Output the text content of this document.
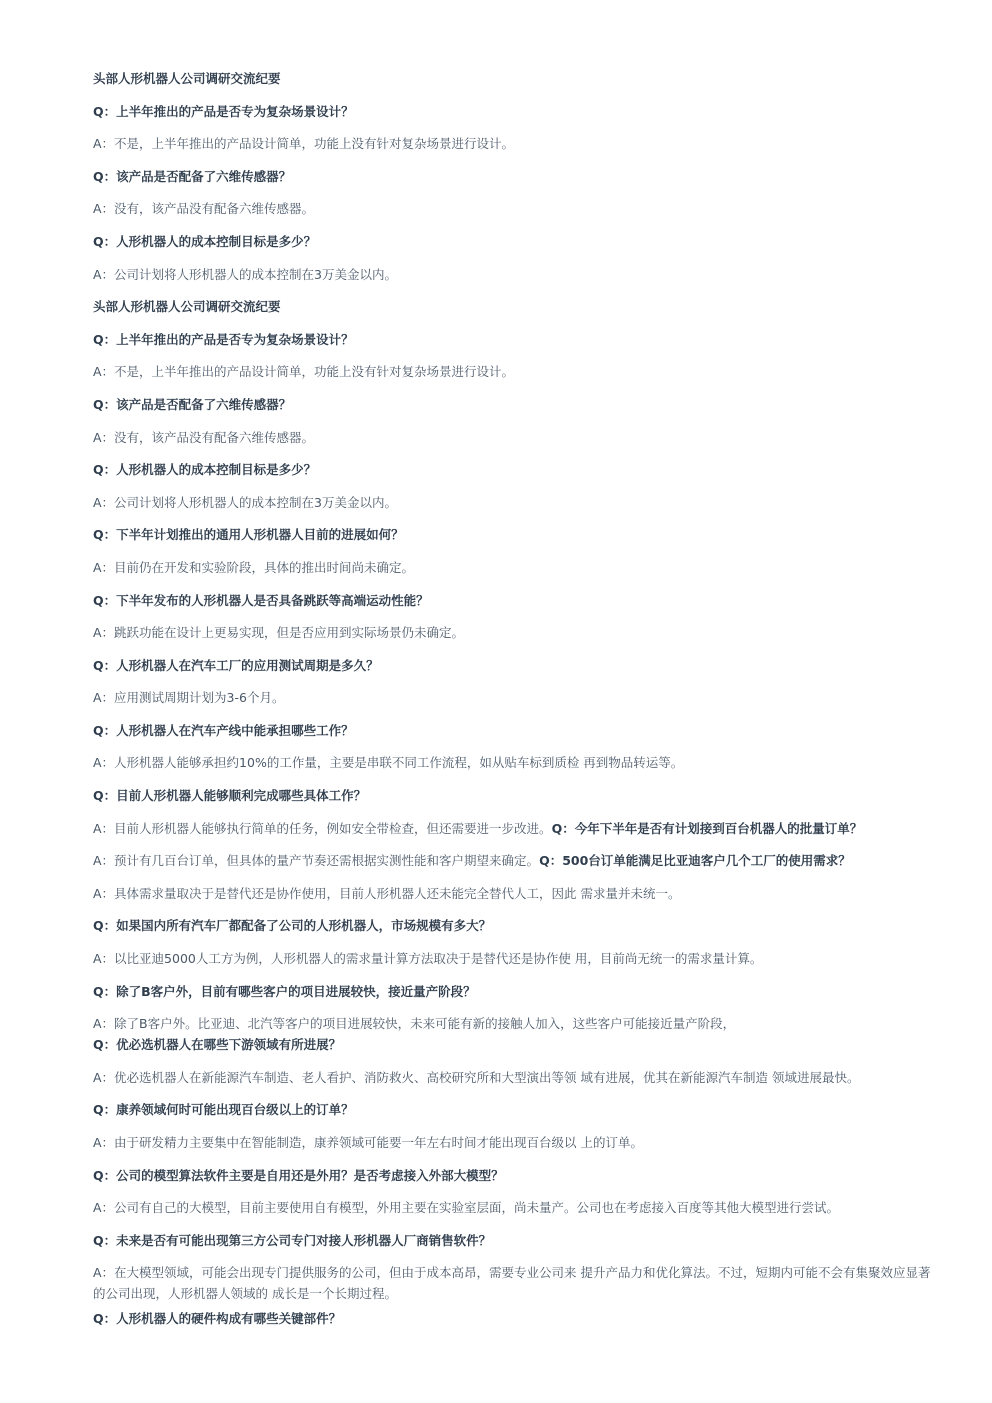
头部人形机器人公司调研交流纪要
Q：上半年推出的产品是否专为复杂场景设计？
A：不是，上半年推出的产品设计简单，功能上没有针对复杂场景进行设计。
Q：该产品是否配备了六维传感器？
A：没有，该产品没有配备六维传感器。
Q：人形机器人的成本控制目标是多少？
A：公司计划将人形机器人的成本控制在3万美金以内。
头部人形机器人公司调研交流纪要
Q：上半年推出的产品是否专为复杂场景设计？
A：不是，上半年推出的产品设计简单，功能上没有针对复杂场景进行设计。
Q：该产品是否配备了六维传感器？
A：没有，该产品没有配备六维传感器。
Q：人形机器人的成本控制目标是多少？
A：公司计划将人形机器人的成本控制在3万美金以内。
Q：下半年计划推出的通用人形机器人目前的进展如何？
A：目前仍在开发和实验阶段，具体的推出时间尚未确定。
Q：下半年发布的人形机器人是否具备跳跃等高端运动性能？
A：跳跃功能在设计上更易实现，但是否应用到实际场景仍未确定。
Q：人形机器人在汽车工厂的应用测试周期是多久？
A：应用测试周期计划为3-6个月。
Q：人形机器人在汽车产线中能承担哪些工作？
A：人形机器人能够承担约10%的工作量，主要是串联不同工作流程，如从贴车标到质检 再到物品转运等。
Q：目前人形机器人能够顺利完成哪些具体工作？
A：目前人形机器人能够执行简单的任务，例如安全带检查，但还需要进一步改进。Q：今年下半年是否有计划接到百台机器人的批量订单？
A：预计有几百台订单，但具体的量产节奏还需根据实测性能和客户期望来确定。Q：500台订单能满足比亚迪客户几个工厂的使用需求？
A：具体需求量取决于是替代还是协作使用，目前人形机器人还未能完全替代人工，因此 需求量并未统一。
Q：如果国内所有汽车厂都配备了公司的人形机器人，市场规模有多大？
A：以比亚迪5000人工方为例，人形机器人的需求量计算方法取决于是替代还是协作使 用，目前尚无统一的需求量计算。
Q：除了B客户外，目前有哪些客户的项目进展较快，接近量产阶段？
A：除了B客户外。比亚迪、北汽等客户的项目进展较快，未来可能有新的接触人加入，这些客户可能接近量产阶段，
Q：优必选机器人在哪些下游领域有所进展？
A：优必选机器人在新能源汽车制造、老人看护、消防救火、高校研究所和大型演出等领 域有进展，优其在新能源汽车制造 领域进展最快。
Q：康养领域何时可能出现百台级以上的订单？
A：由于研发精力主要集中在智能制造，康养领域可能要一年左右时间才能出现百台级以 上的订单。
Q：公司的模型算法软件主要是自用还是外用？是否考虑接入外部大模型？
A：公司有自己的大模型，目前主要使用自有模型，外用主要在实验室层面，尚未量产。公司也在考虑接入百度等其他大模型进行尝试。
Q：未来是否有可能出现第三方公司专门对接人形机器人厂商销售软件？
A：在大模型领域，可能会出现专门提供服务的公司，但由于成本高昂，需要专业公司来 提升产品力和优化算法。不过，短期内可能不会有集聚效应显著的公司出现，人形机器人领域的 成长是一个长期过程。
Q：人形机器人的硬件构成有哪些关键部件？
